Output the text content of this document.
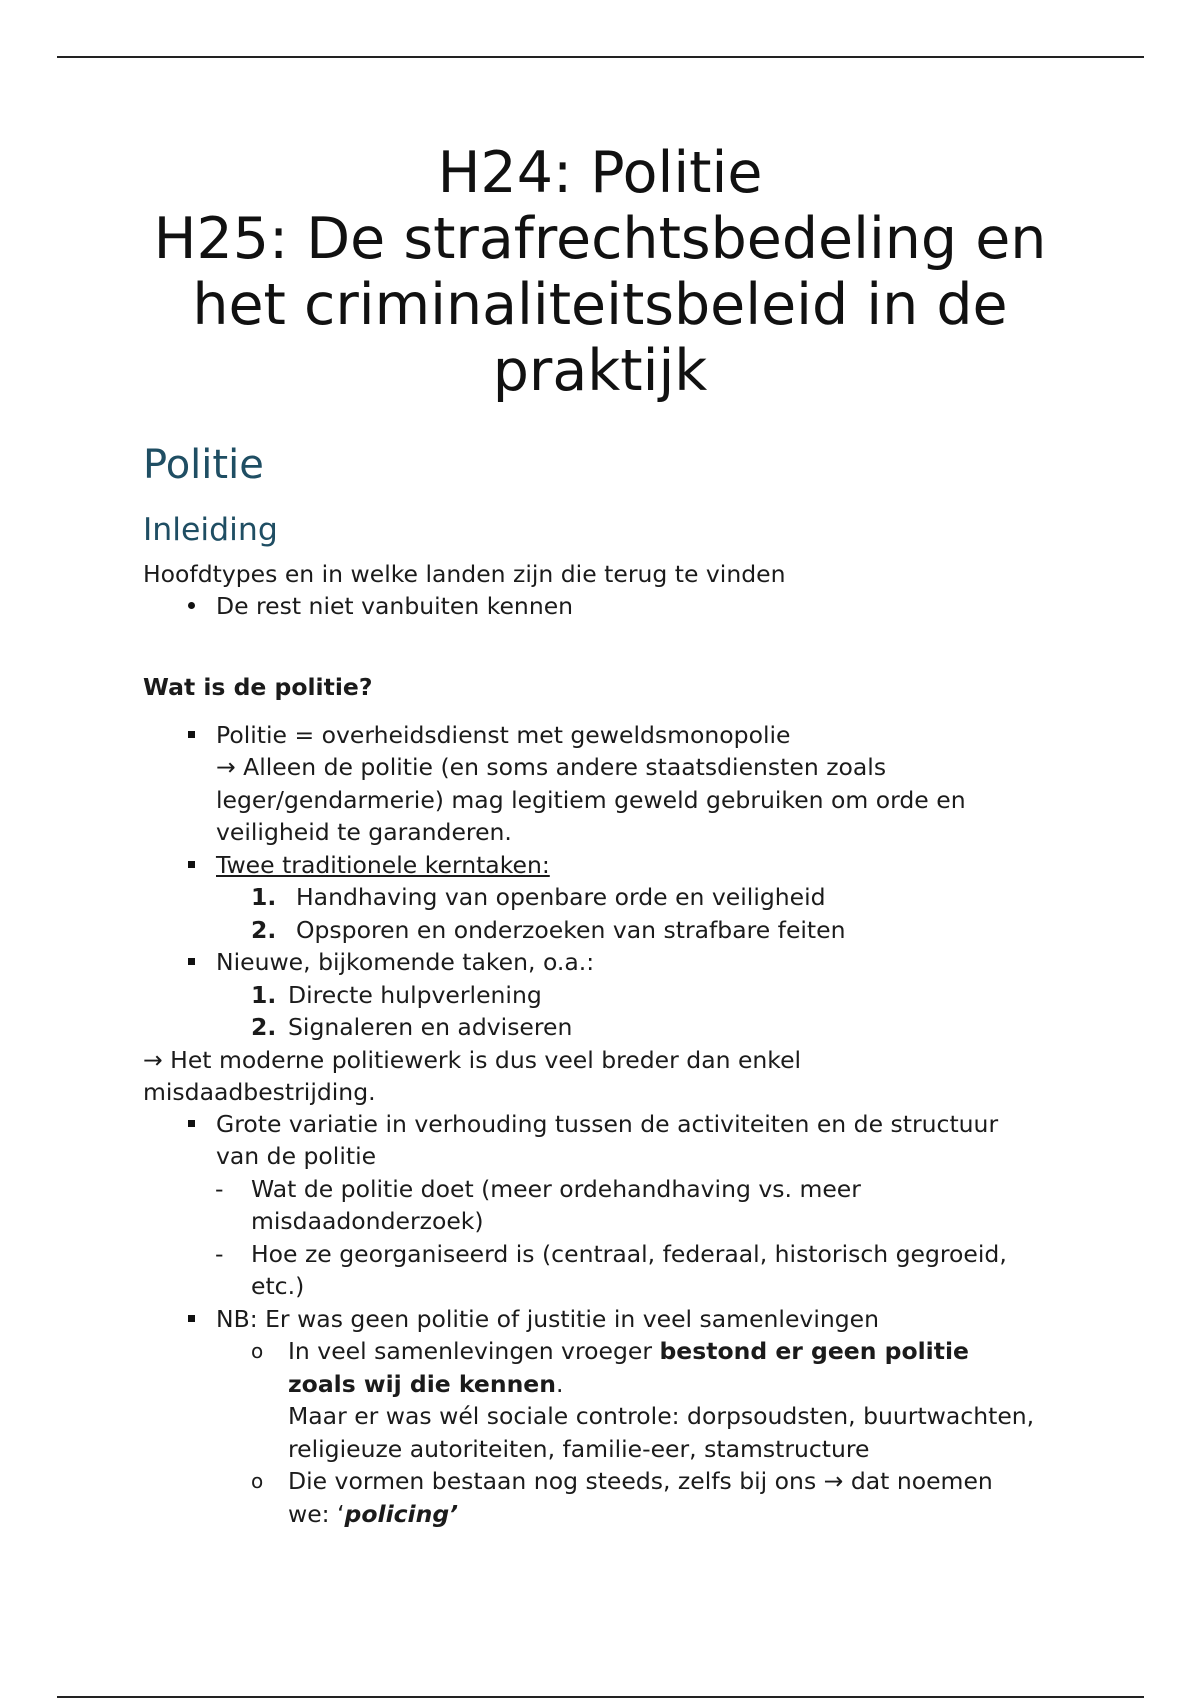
H24: Politie
H25: De strafrechtsbedeling en
het criminaliteitsbeleid in de
praktijk
Politie
Inleiding
Hoofdtypes en in welke landen zijn die terug te vinden
De rest niet vanbuiten kennen
Wat is de politie?
Politie = overheidsdienst met geweldsmonopolie
→ Alleen de politie (en soms andere staatsdiensten zoals
leger/gendarmerie) mag legitiem geweld gebruiken om orde en
veiligheid te garanderen.
Twee traditionele kerntaken:
1. Handhaving van openbare orde en veiligheid
2. Opsporen en onderzoeken van strafbare feiten
Nieuwe, bijkomende taken, o.a.:
1. Directe hulpverlening
2. Signaleren en adviseren
→ Het moderne politiewerk is dus veel breder dan enkel
misdaadbestrijding.
Grote variatie in verhouding tussen de activiteiten en de structuur
van de politie
- Wat de politie doet (meer ordehandhaving vs. meer
misdaadonderzoek)
- Hoe ze georganiseerd is (centraal, federaal, historisch gegroeid,
etc.)
NB: Er was geen politie of justitie in veel samenlevingen
o In veel samenlevingen vroeger bestond er geen politie
zoals wij die kennen.
Maar er was wél sociale controle: dorpsoudsten, buurtwachten,
religieuze autoriteiten, familie-eer, stamstructure
o Die vormen bestaan nog steeds, zelfs bij ons → dat noemen
we: ‘policing’
